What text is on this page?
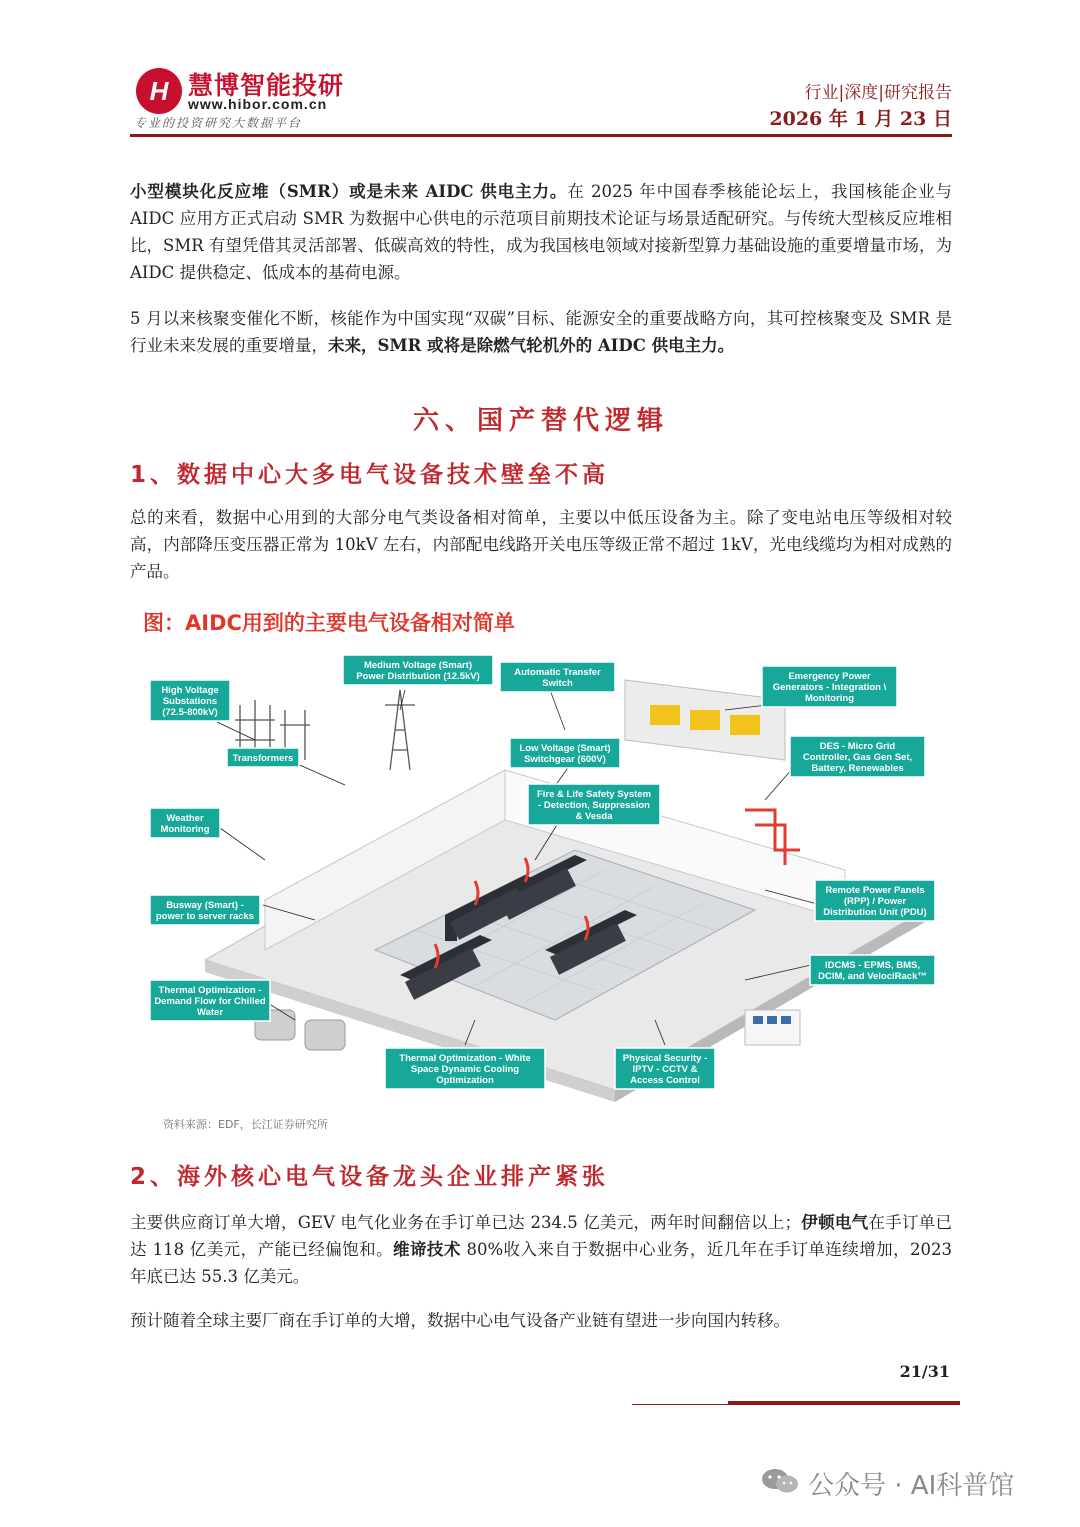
H 慧博智能投研
www.hibor.com.cn
专业的投资研究大数据平台
行业|深度|研究报告
2026 年 1 月 23 日

小型模块化反应堆（SMR）或是未来 AIDC 供电主力。在 2025 年中国春季核能论坛上，我国核能企业与 AIDC 应用方正式启动 SMR 为数据中心供电的示范项目前期技术论证与场景适配研究。与传统大型核反应堆相比，SMR 有望凭借其灵活部署、低碳高效的特性，成为我国核电领域对接新型算力基础设施的重要增量市场，为 AIDC 提供稳定、低成本的基荷电源。

5 月以来核聚变催化不断，核能作为中国实现“双碳”目标、能源安全的重要战略方向，其可控核聚变及 SMR 是行业未来发展的重要增量，未来，SMR 或将是除燃气轮机外的 AIDC 供电主力。

六、国产替代逻辑
1、数据中心大多电气设备技术壁垒不高

总的来看，数据中心用到的大部分电气类设备相对简单，主要以中低压设备为主。除了变电站电压等级相对较高，内部降压变压器正常为 10kV 左右，内部配电线路开关电压等级正常不超过 1kV，光电线缆均为相对成熟的产品。

图：AIDC用到的主要电气设备相对简单
High Voltage
Substations
(72.5-800kV)
Medium Voltage (Smart)
Power Distribution (12.5kV)	Automatic Transfer
Switch
Emergency Power
Generators - Integration \
Monitoring
Transformers
Low Voltage (Smart)
Switchgear (600V)
DES - Micro Grid
Controller, Gas Gen Set,
Battery, Renewables
Weather
Monitoring
Fire & Life Safety System
- Detection, Suppression
& Vesda
Busway (Smart) -
power to server racks
Remote Power Panels
(RPP) / Power
Distribution Unit (PDU)
IDCMS - EPMS, BMS,
DCIM, and VelociRack™
Thermal Optimization -
Demand Flow for Chilled
Water
Thermal Optimization - White
Space Dynamic Cooling
Optimization
Physical Security -
IPTV - CCTV &
Access Control
资料来源：EDF，长江证券研究所
2、海外核心电气设备龙头企业排产紧张

主要供应商订单大增，GEV 电气化业务在手订单已达 234.5 亿美元，两年时间翻倍以上；伊顿电气在手订单已达 118 亿美元，产能已经偏饱和。维谛技术 80%收入来自于数据中心业务，近几年在手订单连续增加，2023 年底已达 55.3 亿美元。

预计随着全球主要厂商在手订单的大增，数据中心电气设备产业链有望进一步向国内转移。

21/31
公众号 · AI科普馆
